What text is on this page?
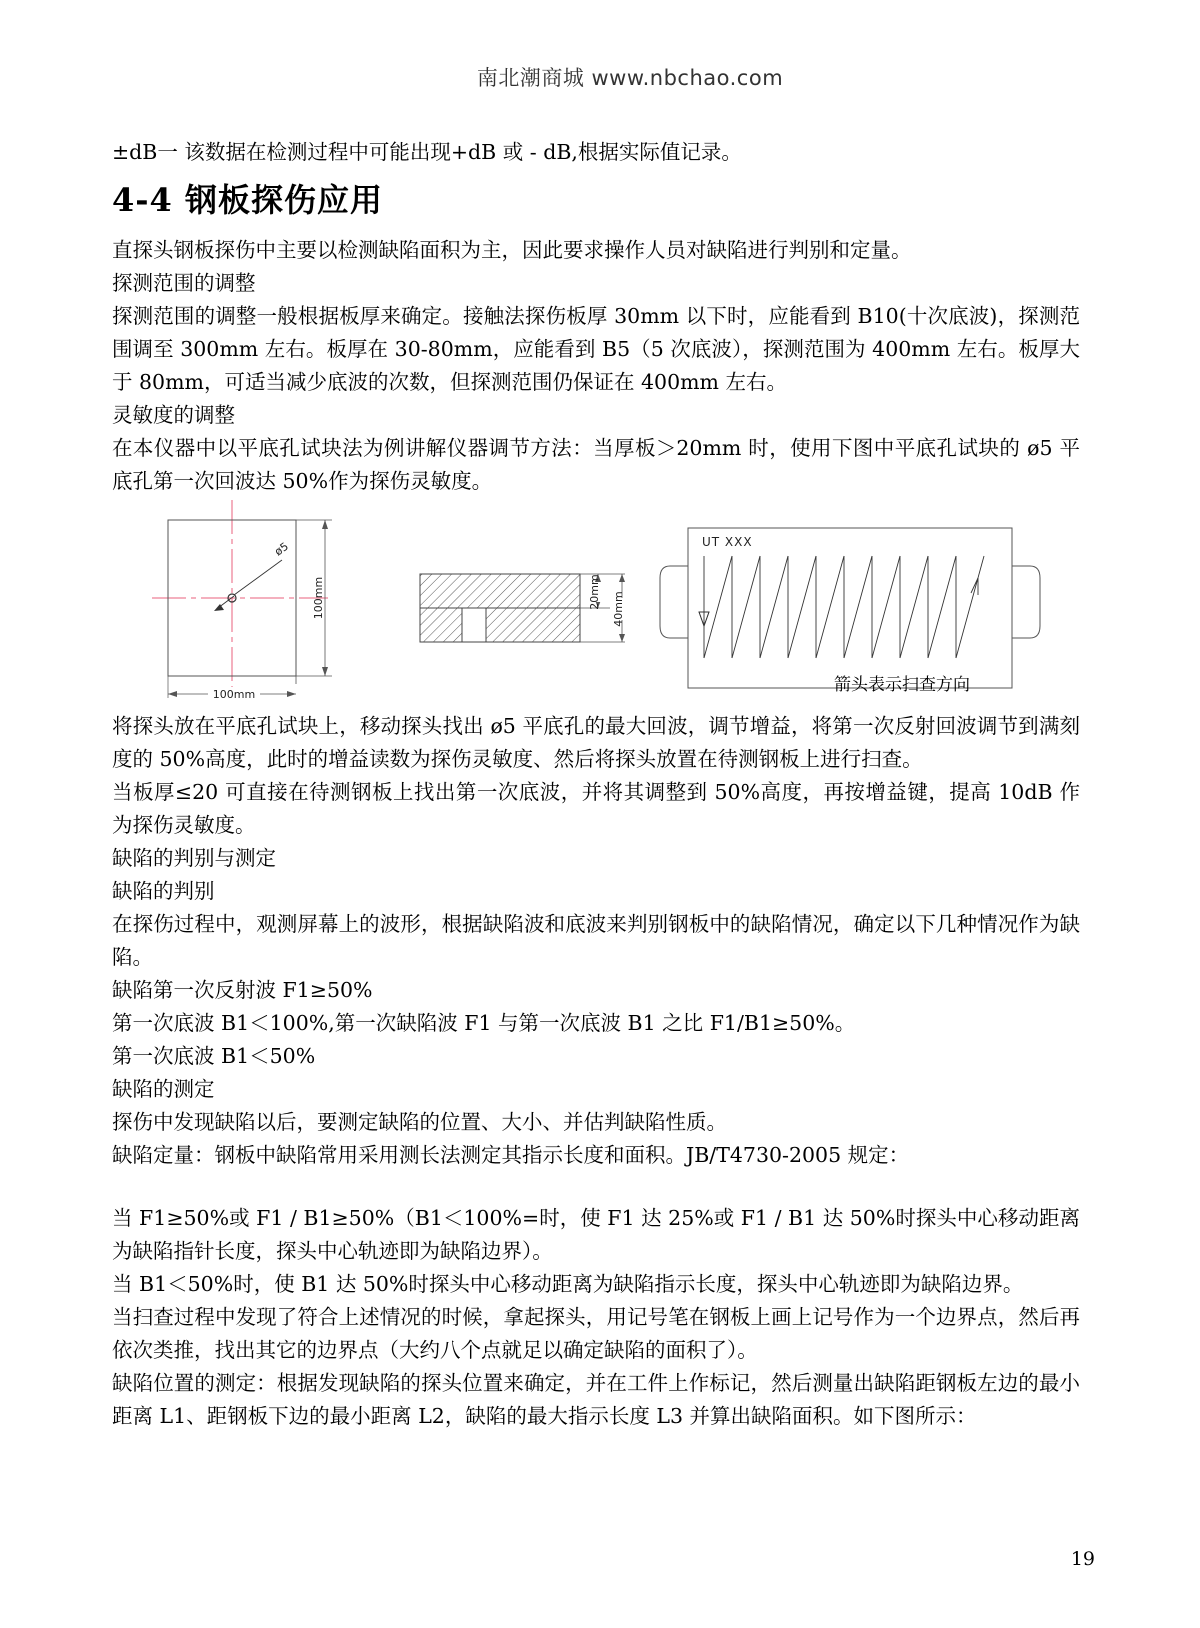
南北潮商城 www.nbchao.com

±dB一 该数据在检测过程中可能出现+dB 或 - dB,根据实际值记录。

4-4 钢板探伤应用

直探头钢板探伤中主要以检测缺陷面积为主，因此要求操作人员对缺陷进行判别和定量。

探测范围的调整

探测范围的调整一般根据板厚来确定。接触法探伤板厚 30mm 以下时，应能看到 B10(十次底波)，探测范围调至 300mm 左右。板厚在 30-80mm，应能看到 B5（5 次底波），探测范围为 400mm 左右。板厚大于 80mm，可适当减少底波的次数，但探测范围仍保证在 400mm 左右。

灵敏度的调整

在本仪器中以平底孔试块法为例讲解仪器调节方法：当厚板＞20mm 时，使用下图中平底孔试块的 ø5 平底孔第一次回波达 50%作为探伤灵敏度。

ø5
100mm
100mm
20mm 40mm
UT XXX
箭头表示扫查方向

将探头放在平底孔试块上，移动探头找出 ø5 平底孔的最大回波，调节增益，将第一次反射回波调节到满刻度的 50%高度，此时的增益读数为探伤灵敏度、然后将探头放置在待测钢板上进行扫查。

当板厚≤20 可直接在待测钢板上找出第一次底波，并将其调整到 50%高度，再按增益键，提高 10dB 作为探伤灵敏度。

缺陷的判别与测定

缺陷的判别

在探伤过程中，观测屏幕上的波形，根据缺陷波和底波来判别钢板中的缺陷情况，确定以下几种情况作为缺陷。

缺陷第一次反射波 F1≥50%

第一次底波 B1＜100%,第一次缺陷波 F1 与第一次底波 B1 之比 F1/B1≥50%。

第一次底波 B1＜50%

缺陷的测定

探伤中发现缺陷以后，要测定缺陷的位置、大小、并估判缺陷性质。

缺陷定量：钢板中缺陷常用采用测长法测定其指示长度和面积。JB/T4730-2005 规定：

当 F1≥50%或 F1 / B1≥50%（B1＜100%=时，使 F1 达 25%或 F1 / B1 达 50%时探头中心移动距离为缺陷指针长度，探头中心轨迹即为缺陷边界）。

当 B1＜50%时，使 B1 达 50%时探头中心移动距离为缺陷指示长度，探头中心轨迹即为缺陷边界。

当扫查过程中发现了符合上述情况的时候，拿起探头，用记号笔在钢板上画上记号作为一个边界点，然后再依次类推，找出其它的边界点（大约八个点就足以确定缺陷的面积了）。

缺陷位置的测定：根据发现缺陷的探头位置来确定，并在工件上作标记，然后测量出缺陷距钢板左边的最小距离 L1、距钢板下边的最小距离 L2，缺陷的最大指示长度 L3 并算出缺陷面积。如下图所示：

19
